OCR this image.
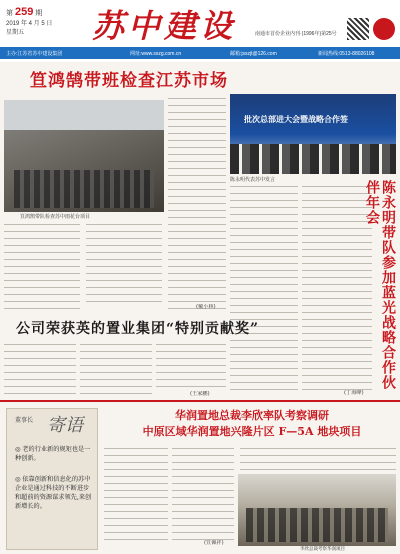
第 259 期
2019 年 4 月 5 日
星期五	苏中建设	南通市首份企业内刊·(1996年)第25号
主办:江苏省苏中建设集团	网址:www.sszg.com.cn	邮箱:jsszjt@126.com	新闻热线:0513-88026108
笪鸿鹄带班检查江苏市场
笪鸿鹄带队检查苏中雨花台项目
(戴小林)
批次总部进大会暨战略合作签
陈永明代表苏中发言
(丁海峰)
陈永明带队参加蓝光战略合作伙伴年会
公司荣获英的置业集团“特别贡献奖”
(王家鹏)
董事长 寄语
◎ 老的行业新的规矩也是一种创新。
◎ 依靠创新和信息化的苏中企业是通过科技的不断进步和超前的资源谋求领先,来创新增长的。
华润置地总裁李欣率队考察调研
中原区域华润置地兴隆片区 F—5A 地块项目
(笪佩祥)
李欣总裁考察华润项目
